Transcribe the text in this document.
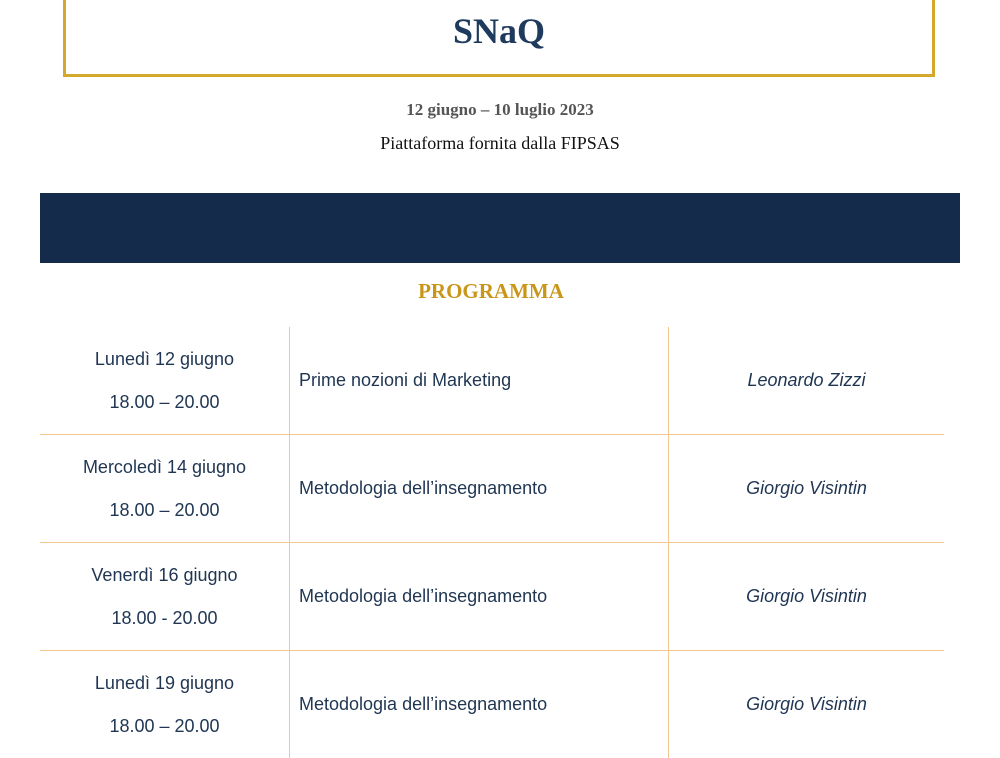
SNaQ
12 giugno – 10 luglio 2023
Piattaforma fornita dalla FIPSAS
PROGRAMMA
Lunedì 12 giugno
18.00 – 20.00	Prime nozioni di Marketing	Leonardo Zizzi

Mercoledì 14 giugno
18.00 – 20.00	Metodologia dell’insegnamento	Giorgio Visintin

Venerdì 16 giugno
18.00 - 20.00	Metodologia dell’insegnamento	Giorgio Visintin

Lunedì 19 giugno
18.00 – 20.00	Metodologia dell’insegnamento	Giorgio Visintin
